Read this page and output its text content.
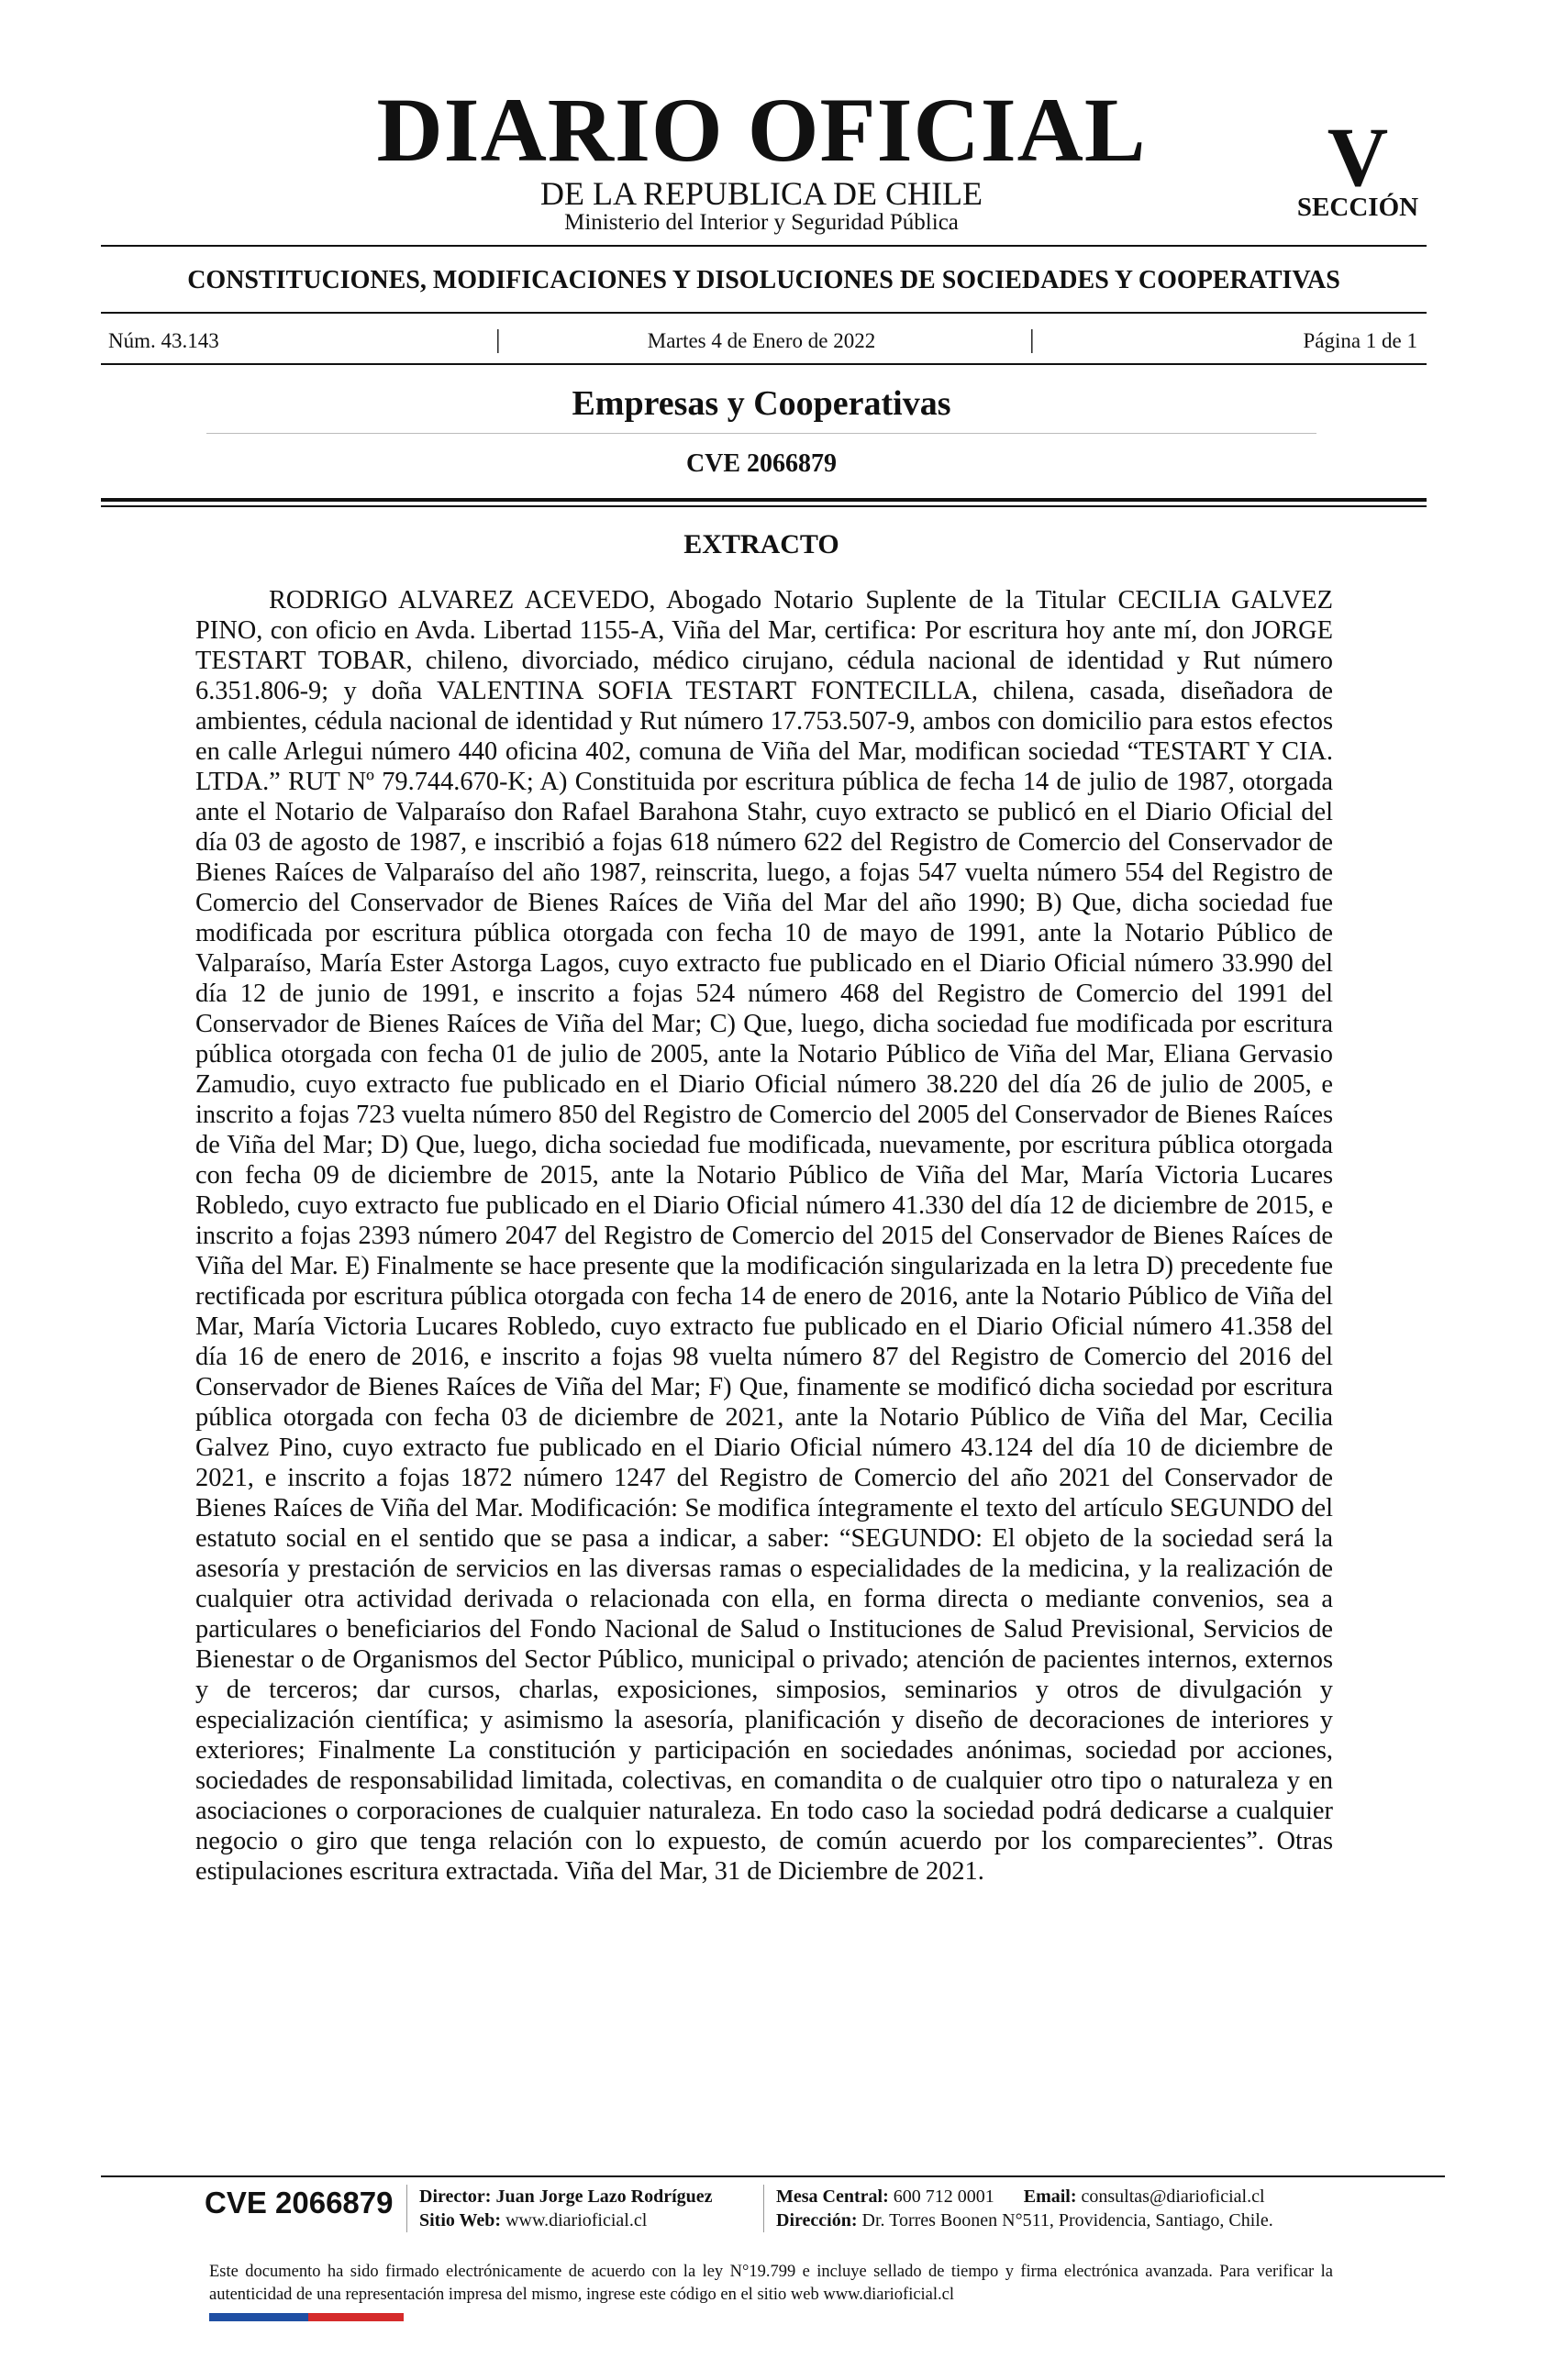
DIARIO OFICIAL
DE LA REPUBLICA DE CHILE
Ministerio del Interior y Seguridad Pública
V
SECCIÓN
CONSTITUCIONES, MODIFICACIONES Y DISOLUCIONES DE SOCIEDADES Y COOPERATIVAS
Núm. 43.143	|	Martes 4 de Enero de 2022	|	Página 1 de 1
Empresas y Cooperativas
CVE 2066879
EXTRACTO
RODRIGO ALVAREZ ACEVEDO, Abogado Notario Suplente de la Titular CECILIA GALVEZ PINO, con oficio en Avda. Libertad 1155-A, Viña del Mar, certifica: Por escritura hoy ante mí, don JORGE TESTART TOBAR, chileno, divorciado, médico cirujano, cédula nacional de identidad y Rut número 6.351.806-9; y doña VALENTINA SOFIA TESTART FONTECILLA, chilena, casada, diseñadora de ambientes, cédula nacional de identidad y Rut número 17.753.507-9, ambos con domicilio para estos efectos en calle Arlegui número 440 oficina 402, comuna de Viña del Mar, modifican sociedad “TESTART Y CIA. LTDA.” RUT Nº 79.744.670-K; A) Constituida por escritura pública de fecha 14 de julio de 1987, otorgada ante el Notario de Valparaíso don Rafael Barahona Stahr, cuyo extracto se publicó en el Diario Oficial del día 03 de agosto de 1987, e inscribió a fojas 618 número 622 del Registro de Comercio del Conservador de Bienes Raíces de Valparaíso del año 1987, reinscrita, luego, a fojas 547 vuelta número 554 del Registro de Comercio del Conservador de Bienes Raíces de Viña del Mar del año 1990; B) Que, dicha sociedad fue modificada por escritura pública otorgada con fecha 10 de mayo de 1991, ante la Notario Público de Valparaíso, María Ester Astorga Lagos, cuyo extracto fue publicado en el Diario Oficial número 33.990 del día 12 de junio de 1991, e inscrito a fojas 524 número 468 del Registro de Comercio del 1991 del Conservador de Bienes Raíces de Viña del Mar; C) Que, luego, dicha sociedad fue modificada por escritura pública otorgada con fecha 01 de julio de 2005, ante la Notario Público de Viña del Mar, Eliana Gervasio Zamudio, cuyo extracto fue publicado en el Diario Oficial número 38.220 del día 26 de julio de 2005, e inscrito a fojas 723 vuelta número 850 del Registro de Comercio del 2005 del Conservador de Bienes Raíces de Viña del Mar; D) Que, luego, dicha sociedad fue modificada, nuevamente, por escritura pública otorgada con fecha 09 de diciembre de 2015, ante la Notario Público de Viña del Mar, María Victoria Lucares Robledo, cuyo extracto fue publicado en el Diario Oficial número 41.330 del día 12 de diciembre de 2015, e inscrito a fojas 2393 número 2047 del Registro de Comercio del 2015 del Conservador de Bienes Raíces de Viña del Mar. E) Finalmente se hace presente que la modificación singularizada en la letra D) precedente fue rectificada por escritura pública otorgada con fecha 14 de enero de 2016, ante la Notario Público de Viña del Mar, María Victoria Lucares Robledo, cuyo extracto fue publicado en el Diario Oficial número 41.358 del día 16 de enero de 2016, e inscrito a fojas 98 vuelta número 87 del Registro de Comercio del 2016 del Conservador de Bienes Raíces de Viña del Mar; F) Que, finamente se modificó dicha sociedad por escritura pública otorgada con fecha 03 de diciembre de 2021, ante la Notario Público de Viña del Mar, Cecilia Galvez Pino, cuyo extracto fue publicado en el Diario Oficial número 43.124 del día 10 de diciembre de 2021, e inscrito a fojas 1872 número 1247 del Registro de Comercio del año 2021 del Conservador de Bienes Raíces de Viña del Mar. Modificación: Se modifica íntegramente el texto del artículo SEGUNDO del estatuto social en el sentido que se pasa a indicar, a saber: “SEGUNDO: El objeto de la sociedad será la asesoría y prestación de servicios en las diversas ramas o especialidades de la medicina, y la realización de cualquier otra actividad derivada o relacionada con ella, en forma directa o mediante convenios, sea a particulares o beneficiarios del Fondo Nacional de Salud o Instituciones de Salud Previsional, Servicios de Bienestar o de Organismos del Sector Público, municipal o privado; atención de pacientes internos, externos y de terceros; dar cursos, charlas, exposiciones, simposios, seminarios y otros de divulgación y especialización científica; y asimismo la asesoría, planificación y diseño de decoraciones de interiores y exteriores; Finalmente La constitución y participación en sociedades anónimas, sociedad por acciones, sociedades de responsabilidad limitada, colectivas, en comandita o de cualquier otro tipo o naturaleza y en asociaciones o corporaciones de cualquier naturaleza. En todo caso la sociedad podrá dedicarse a cualquier negocio o giro que tenga relación con lo expuesto, de común acuerdo por los comparecientes”. Otras estipulaciones escritura extractada. Viña del Mar, 31 de Diciembre de 2021.
CVE 2066879 Director: Juan Jorge Lazo Rodríguez
Sitio Web: www.diarioficial.cl
Mesa Central: 600 712 0001 Email: consultas@diarioficial.cl
Dirección: Dr. Torres Boonen N°511, Providencia, Santiago, Chile.
Este documento ha sido firmado electrónicamente de acuerdo con la ley N°19.799 e incluye sellado de tiempo y firma electrónica avanzada. Para verificar la autenticidad de una representación impresa del mismo, ingrese este código en el sitio web www.diarioficial.cl
